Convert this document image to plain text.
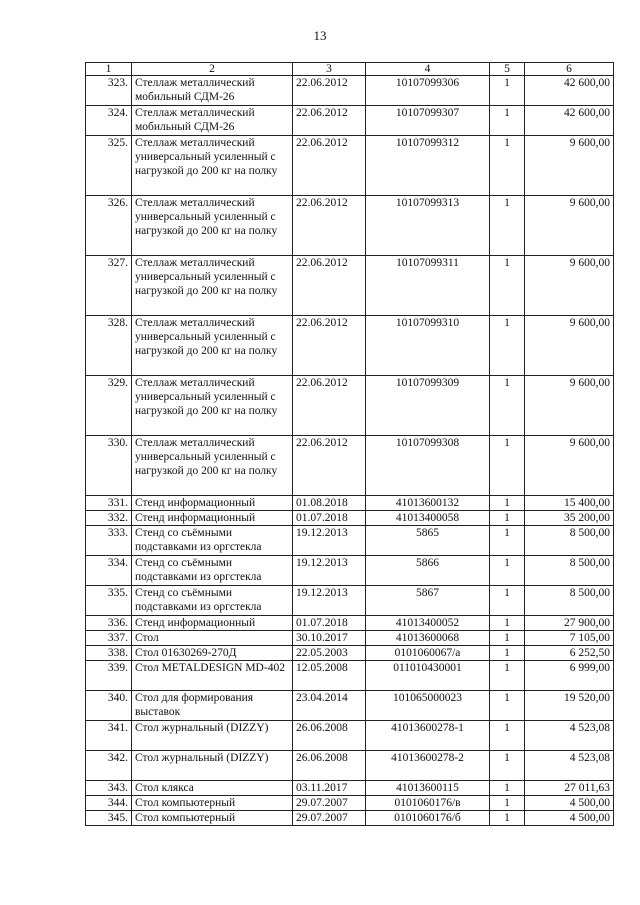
13
1	2	3	4	5	6
323.	Стеллаж металлический мобильный СДМ-26	22.06.2012	10107099306	1	42 600,00
324.	Стеллаж металлический мобильный СДМ-26	22.06.2012	10107099307	1	42 600,00
325.	Стеллаж металлический универсальный усиленный с нагрузкой до 200 кг на полку	22.06.2012	10107099312	1	9 600,00
326.	Стеллаж металлический универсальный усиленный с нагрузкой до 200 кг на полку	22.06.2012	10107099313	1	9 600,00
327.	Стеллаж металлический универсальный усиленный с нагрузкой до 200 кг на полку	22.06.2012	10107099311	1	9 600,00
328.	Стеллаж металлический универсальный усиленный с нагрузкой до 200 кг на полку	22.06.2012	10107099310	1	9 600,00
329.	Стеллаж металлический универсальный усиленный с нагрузкой до 200 кг на полку	22.06.2012	10107099309	1	9 600,00
330.	Стеллаж металлический универсальный усиленный с нагрузкой до 200 кг на полку	22.06.2012	10107099308	1	9 600,00
331.	Стенд информационный	01.08.2018	41013600132	1	15 400,00
332.	Стенд информационный	01.07.2018	41013400058	1	35 200,00
333.	Стенд со съёмными подставками из оргстекла	19.12.2013	5865	1	8 500,00
334.	Стенд со съёмными подставками из оргстекла	19.12.2013	5866	1	8 500,00
335.	Стенд со съёмными подставками из оргстекла	19.12.2013	5867	1	8 500,00
336.	Стенд информационный	01.07.2018	41013400052	1	27 900,00
337.	Стол	30.10.2017	41013600068	1	7 105,00
338.	Стол 01630269-270Д	22.05.2003	0101060067/а	1	6 252,50
339.	Стол METALDESIGN MD-402	12.05.2008	011010430001	1	6 999,00
340.	Стол для формирования выставок	23.04.2014	101065000023	1	19 520,00
341.	Стол журнальный (DIZZY)	26.06.2008	41013600278-1	1	4 523,08
342.	Стол журнальный (DIZZY)	26.06.2008	41013600278-2	1	4 523,08
343.	Стол клякса	03.11.2017	41013600115	1	27 011,63
344.	Стол компьютерный	29.07.2007	0101060176/в	1	4 500,00
345.	Стол компьютерный	29.07.2007	0101060176/б	1	4 500,00
